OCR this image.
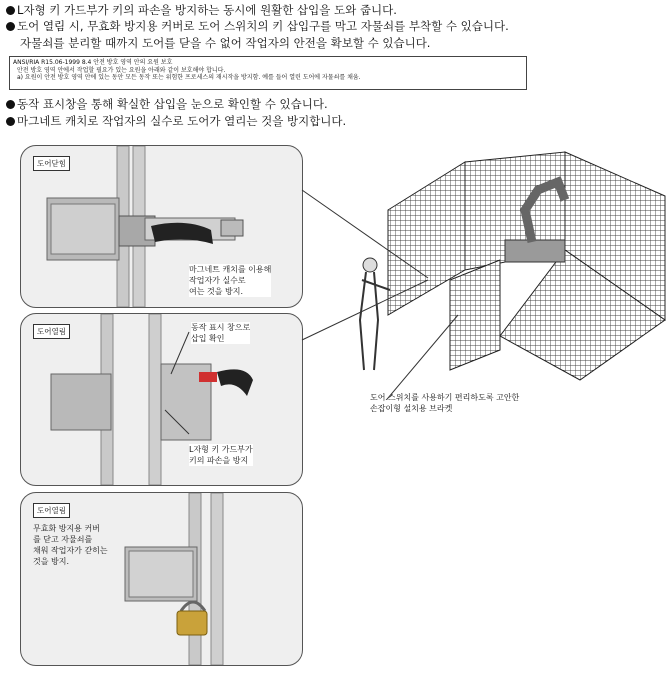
L자형 키 가드부가 키의 파손을 방지하는 동시에 원활한 삽입을 도와 줍니다.
도어 열림 시, 무효화 방지용 커버로 도어 스위치의 키 삽입구를 막고 자물쇠를 부착할 수 있습니다.
자물쇠를 분리할 때까지 도어를 닫을 수 없어 작업자의 안전을 확보할 수 있습니다.
ANSI/RIA R15.06-1999 8.4 안전 방호 영역 안의 요원 보호
안전 방호 영역 안에서 작업할 필요가 있는 요원을 아래와 같이 보호해야 합니다.
a) 요원이 안전 방호 영역 안에 있는 동안 모든 동작 또는 위험한 프로세스의 재시작을 방지함. 예를 들어 열린 도어에 자물쇠를 채움.
동작 표시창을 통해 확실한 삽입을 눈으로 확인할 수 있습니다.
마그네트 캐치로 작업자의 실수로 도어가 열리는 것을 방지합니다.
도어닫힘
마그네트 캐치를 이용해
작업자가 실수로
여는 것을 방지.
도어열림	동작 표시 창으로
삽입 확인
L자형 키 가드부가
키의 파손을 방지
도어열림
무효화 방지용 커버
를 닫고 자물쇠를
채워 작업자가 갇히는
것을 방지.
도어 스위치를 사용하기 편리하도록 고안한
손잡이형 설치용 브라켓
